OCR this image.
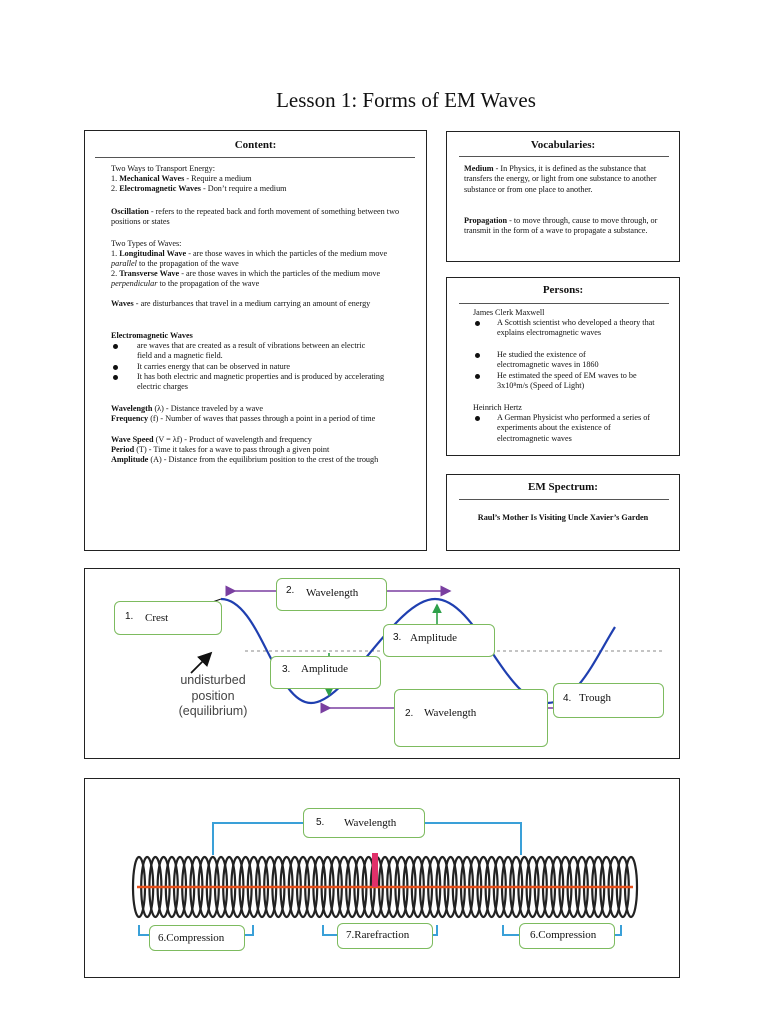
Lesson 1: Forms of EM Waves
Content:
Two Ways to Transport Energy:
1. Mechanical Waves - Require a medium
2. Electromagnetic Waves - Don’t require a medium
Oscillation - refers to the repeated back and forth movement of something between two positions or states
Two Types of Waves:
1. Longitudinal Wave - are those waves in which the particles of the medium move parallel to the propagation of the wave
2. Transverse Wave - are those waves in which the particles of the medium move perpendicular to the propagation of the wave
Waves - are disturbances that travel in a medium carrying an amount of energy
Electromagnetic Waves
are waves that are created as a result of vibrations between an electric field and a magnetic field.
It carries energy that can be observed in nature
It has both electric and magnetic properties and is produced by accelerating electric charges
Wavelength (λ) - Distance traveled by a wave
Frequency (f) - Number of waves that passes through a point in a period of time
Wave Speed (V = λf) - Product of wavelength and frequency
Period (T) - Time it takes for a wave to pass through a given point
Amplitude (A) - Distance from the equilibrium position to the crest of the trough
Vocabularies:
Medium - In Physics, it is defined as the substance that transfers the energy, or light from one substance to another substance or from one place to another.
Propagation - to move through, cause to move through, or transmit in the form of a wave to propagate a substance.
Persons:
James Clerk Maxwell
A Scottish scientist who developed a theory that explains electromagnetic waves
He studied the existence of electromagnetic waves in 1860
He estimated the speed of EM waves to be 3x10⁸m/s (Speed of Light)
Heinrich Hertz
A German Physicist who performed a series of experiments about the existence of electromagnetic waves
EM Spectrum:
Raul’s Mother Is Visiting Uncle Xavier’s Garden
1. Crest
2. Wavelength
3. Amplitude
3. Amplitude
2. Wavelength
4. Trough
undisturbed
position
(equilibrium)
5. Wavelength
6.Compression	7.Rarefraction	6.Compression
